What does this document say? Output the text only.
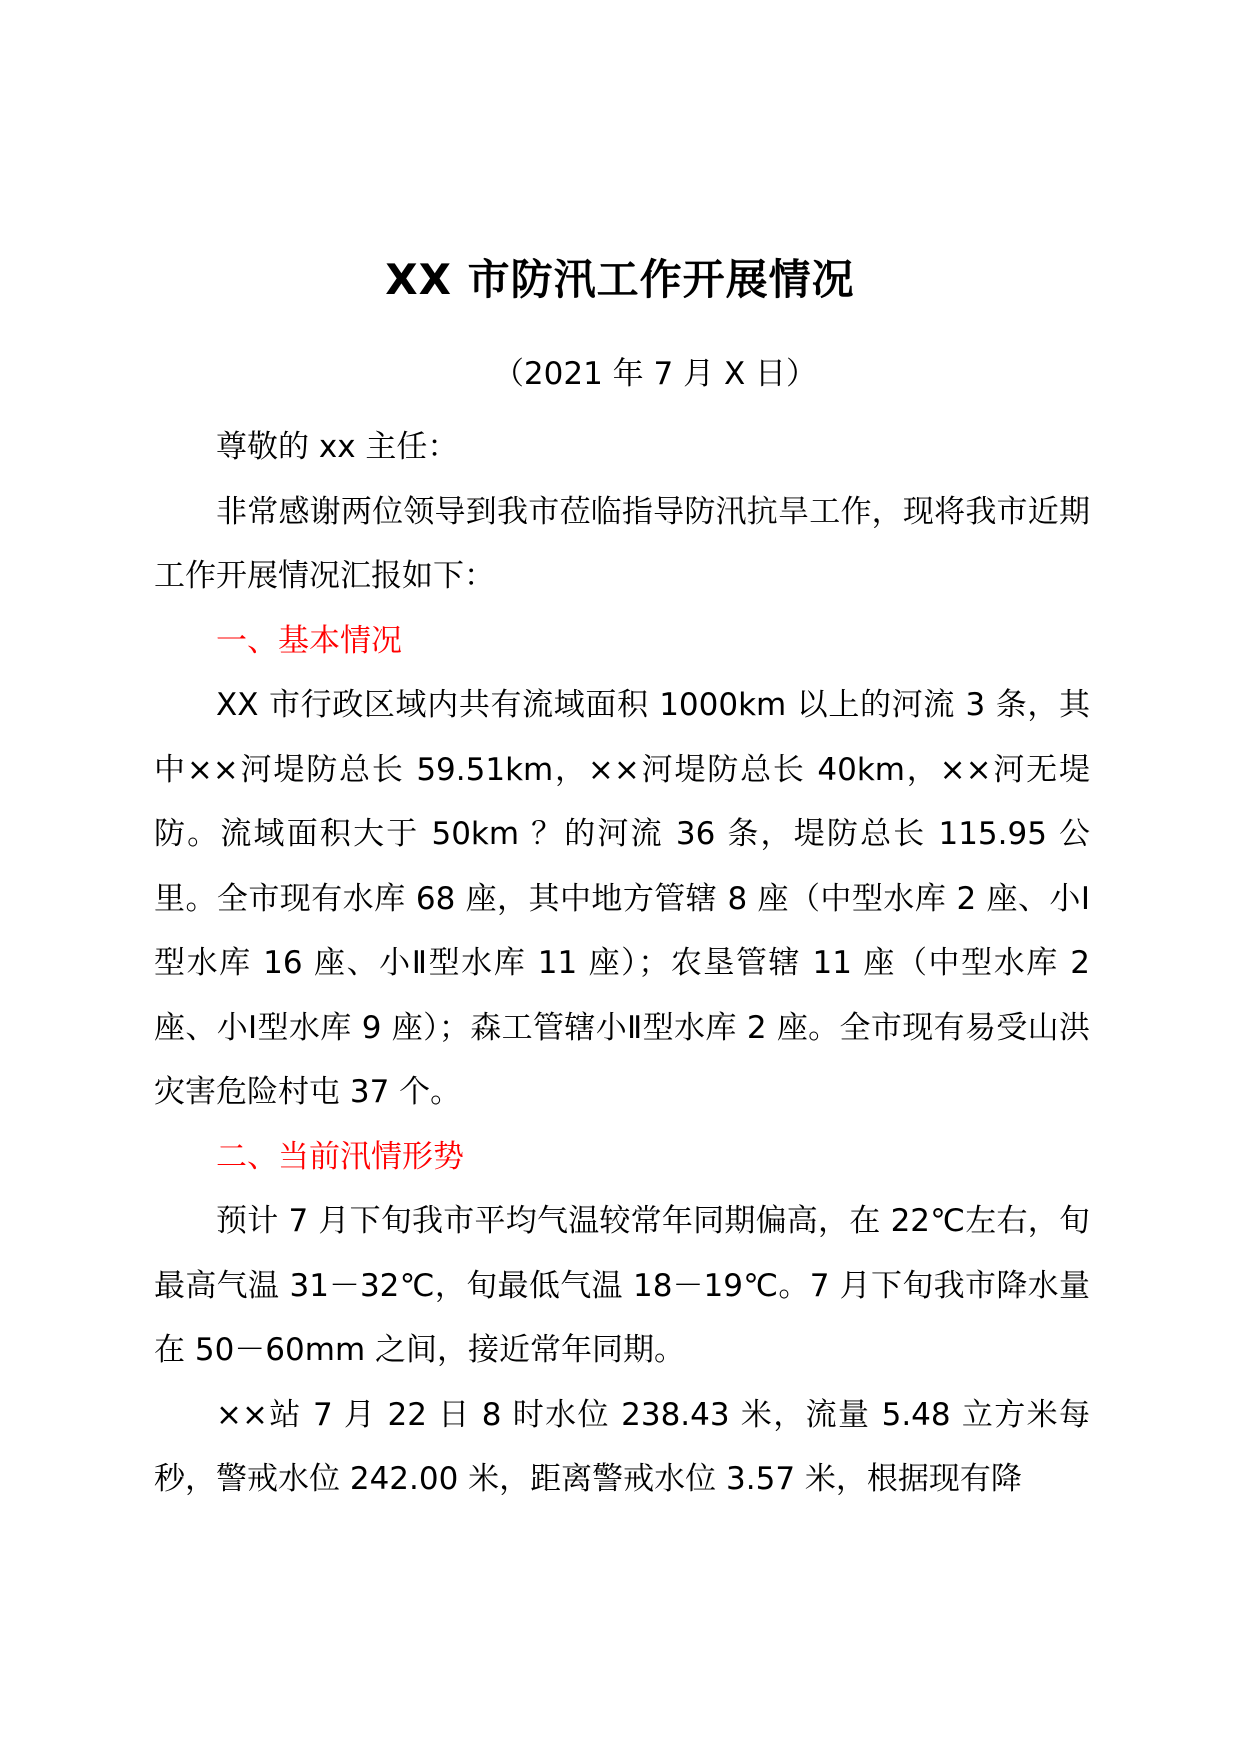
XX 市防汛工作开展情况
（2021 年 7 月 X 日）

尊敬的 xx 主任：

非常感谢两位领导到我市莅临指导防汛抗旱工作，现将我市近期工作开展情况汇报如下：

一、基本情况

XX 市行政区域内共有流域面积 1000km 以上的河流 3 条，其中××河堤防总长 59.51km，××河堤防总长 40km，××河无堤防。流域面积大于 50km ？的河流 36 条，堤防总长 115.95 公里。全市现有水库 68 座，其中地方管辖 8 座（中型水库 2 座、小Ⅰ型水库 16 座、小Ⅱ型水库 11 座）；农垦管辖 11 座（中型水库 2 座、小Ⅰ型水库 9 座）；森工管辖小Ⅱ型水库 2 座。全市现有易受山洪灾害危险村屯 37 个。

二、当前汛情形势

预计 7 月下旬我市平均气温较常年同期偏高，在 22℃左右，旬最高气温 31－32℃，旬最低气温 18－19℃。7 月下旬我市降水量在 50－60mm 之间，接近常年同期。

××站 7 月 22 日 8 时水位 238.43 米，流量 5.48 立方米每秒，警戒水位 242.00 米，距离警戒水位 3.57 米，根据现有降
